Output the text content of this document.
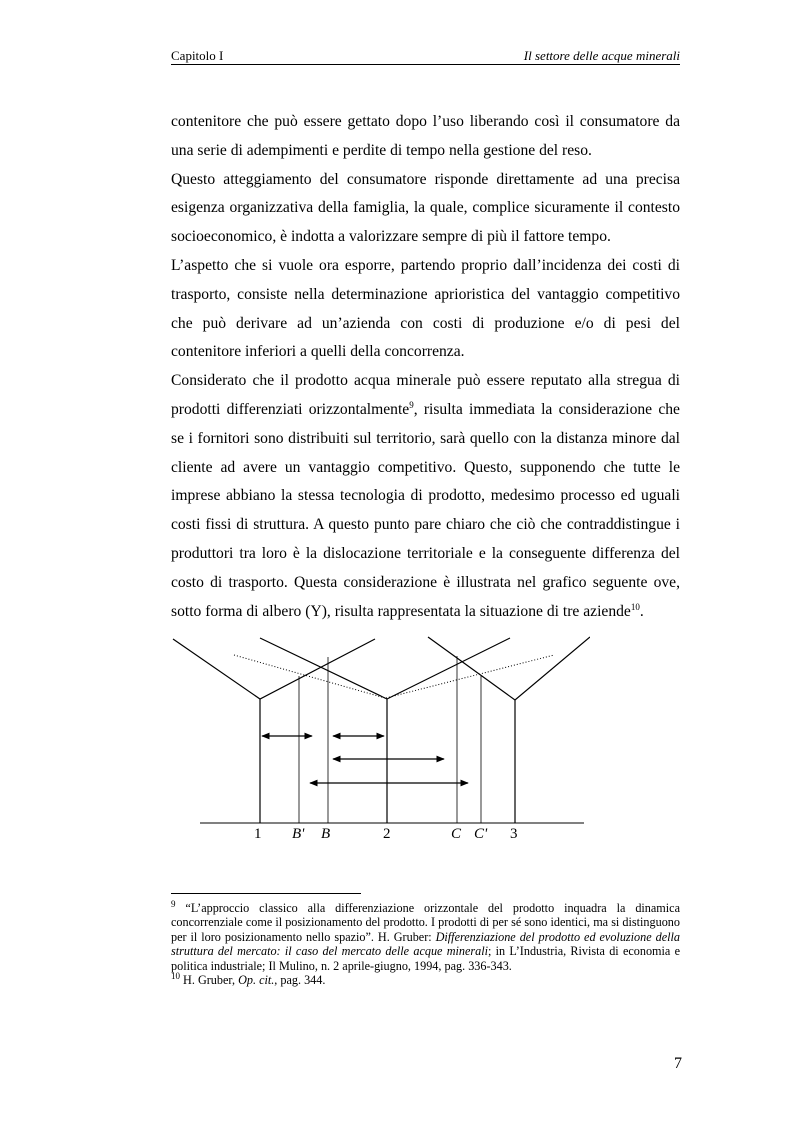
Capitolo I	Il settore delle acque minerali

contenitore che può essere gettato dopo l’uso liberando così il consumatore da una serie di adempimenti e perdite di tempo nella gestione del reso.

Questo atteggiamento del consumatore risponde direttamente ad una precisa esigenza organizzativa della famiglia, la quale, complice sicuramente il contesto socioeconomico, è indotta a valorizzare sempre di più il fattore tempo.

L’aspetto che si vuole ora esporre, partendo proprio dall’incidenza dei costi di trasporto, consiste nella determinazione aprioristica del vantaggio competitivo che può derivare ad un’azienda con costi di produzione e/o di pesi del contenitore inferiori a quelli della concorrenza.

Considerato che il prodotto acqua minerale può essere reputato alla stregua di prodotti differenziati orizzontalmente$^9$, risulta immediata la considerazione che se i fornitori sono distribuiti sul territorio, sarà quello con la distanza minore dal cliente ad avere un vantaggio competitivo. Questo, supponendo che tutte le imprese abbiano la stessa tecnologia di prodotto, medesimo processo ed uguali costi fissi di struttura. A questo punto pare chiaro che ciò che contraddistingue i produttori tra loro è la dislocazione territoriale e la conseguente differenza del costo di trasporto. Questa considerazione è illustrata nel grafico seguente ove, sotto forma di albero (Y), risulta rappresentata la situazione di tre aziende$^{10}$.

1 B' B	2	C C' 3

$^9$ “L’approccio classico alla differenziazione orizzontale del prodotto inquadra la dinamica concorrenziale come il posizionamento del prodotto. I prodotti di per sé sono identici, ma si distinguono per il loro posizionamento nello spazio”. H. Gruber: Differenziazione del prodotto ed evoluzione della struttura del mercato: il caso del mercato delle acque minerali; in L’Industria, Rivista di economia e politica industriale; Il Mulino, n. 2 aprile-giugno, 1994, pag. 336-343.

$^{10}$ H. Gruber, Op. cit., pag. 344.

7
